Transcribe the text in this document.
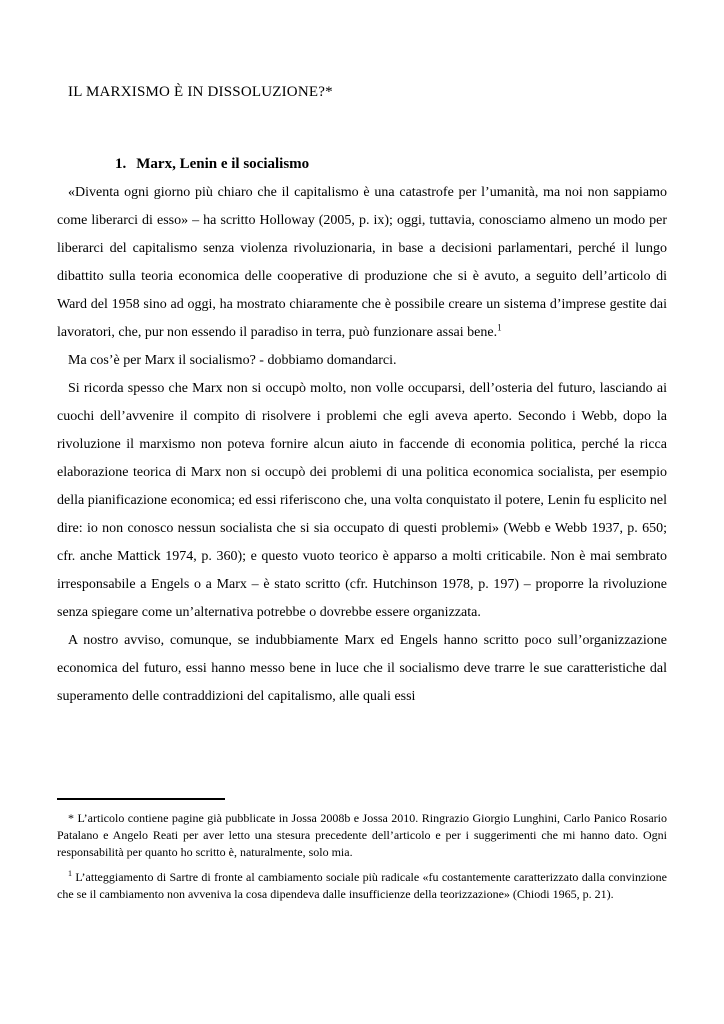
IL MARXISMO È IN DISSOLUZIONE?*
1. Marx, Lenin e il socialismo

«Diventa ogni giorno più chiaro che il capitalismo è una catastrofe per l’umanità, ma noi non sappiamo come liberarci di esso» – ha scritto Holloway (2005, p. ix); oggi, tuttavia, conosciamo almeno un modo per liberarci del capitalismo senza violenza rivoluzionaria, in base a decisioni parlamentari, perché il lungo dibattito sulla teoria economica delle cooperative di produzione che si è avuto, a seguito dell’articolo di Ward del 1958 sino ad oggi, ha mostrato chiaramente che è possibile creare un sistema d’imprese gestite dai lavoratori, che, pur non essendo il paradiso in terra, può funzionare assai bene.$^1$

Ma cos’è per Marx il socialismo? - dobbiamo domandarci.

Si ricorda spesso che Marx non si occupò molto, non volle occuparsi, dell’osteria del futuro, lasciando ai cuochi dell’avvenire il compito di risolvere i problemi che egli aveva aperto. Secondo i Webb, dopo la rivoluzione il marxismo non poteva fornire alcun aiuto in faccende di economia politica, perché la ricca elaborazione teorica di Marx non si occupò dei problemi di una politica economica socialista, per esempio della pianificazione economica; ed essi riferiscono che, una volta conquistato il potere, Lenin fu esplicito nel dire: io non conosco nessun socialista che si sia occupato di questi problemi» (Webb e Webb 1937, p. 650; cfr. anche Mattick 1974, p. 360); e questo vuoto teorico è apparso a molti criticabile. Non è mai sembrato irresponsabile a Engels o a Marx – è stato scritto (cfr. Hutchinson 1978, p. 197) – proporre la rivoluzione senza spiegare come un’alternativa potrebbe o dovrebbe essere organizzata.

A nostro avviso, comunque, se indubbiamente Marx ed Engels hanno scritto poco sull’organizzazione economica del futuro, essi hanno messo bene in luce che il socialismo deve trarre le sue caratteristiche dal superamento delle contraddizioni del capitalismo, alle quali essi

* L’articolo contiene pagine già pubblicate in Jossa 2008b e Jossa 2010. Ringrazio Giorgio Lunghini, Carlo Panico Rosario Patalano e Angelo Reati per aver letto una stesura precedente dell’articolo e per i suggerimenti che mi hanno dato. Ogni responsabilità per quanto ho scritto è, naturalmente, solo mia.

$^1$ L’atteggiamento di Sartre di fronte al cambiamento sociale più radicale «fu costantemente caratterizzato dalla convinzione che se il cambiamento non avveniva la cosa dipendeva dalle insufficienze della teorizzazione» (Chiodi 1965, p. 21).
